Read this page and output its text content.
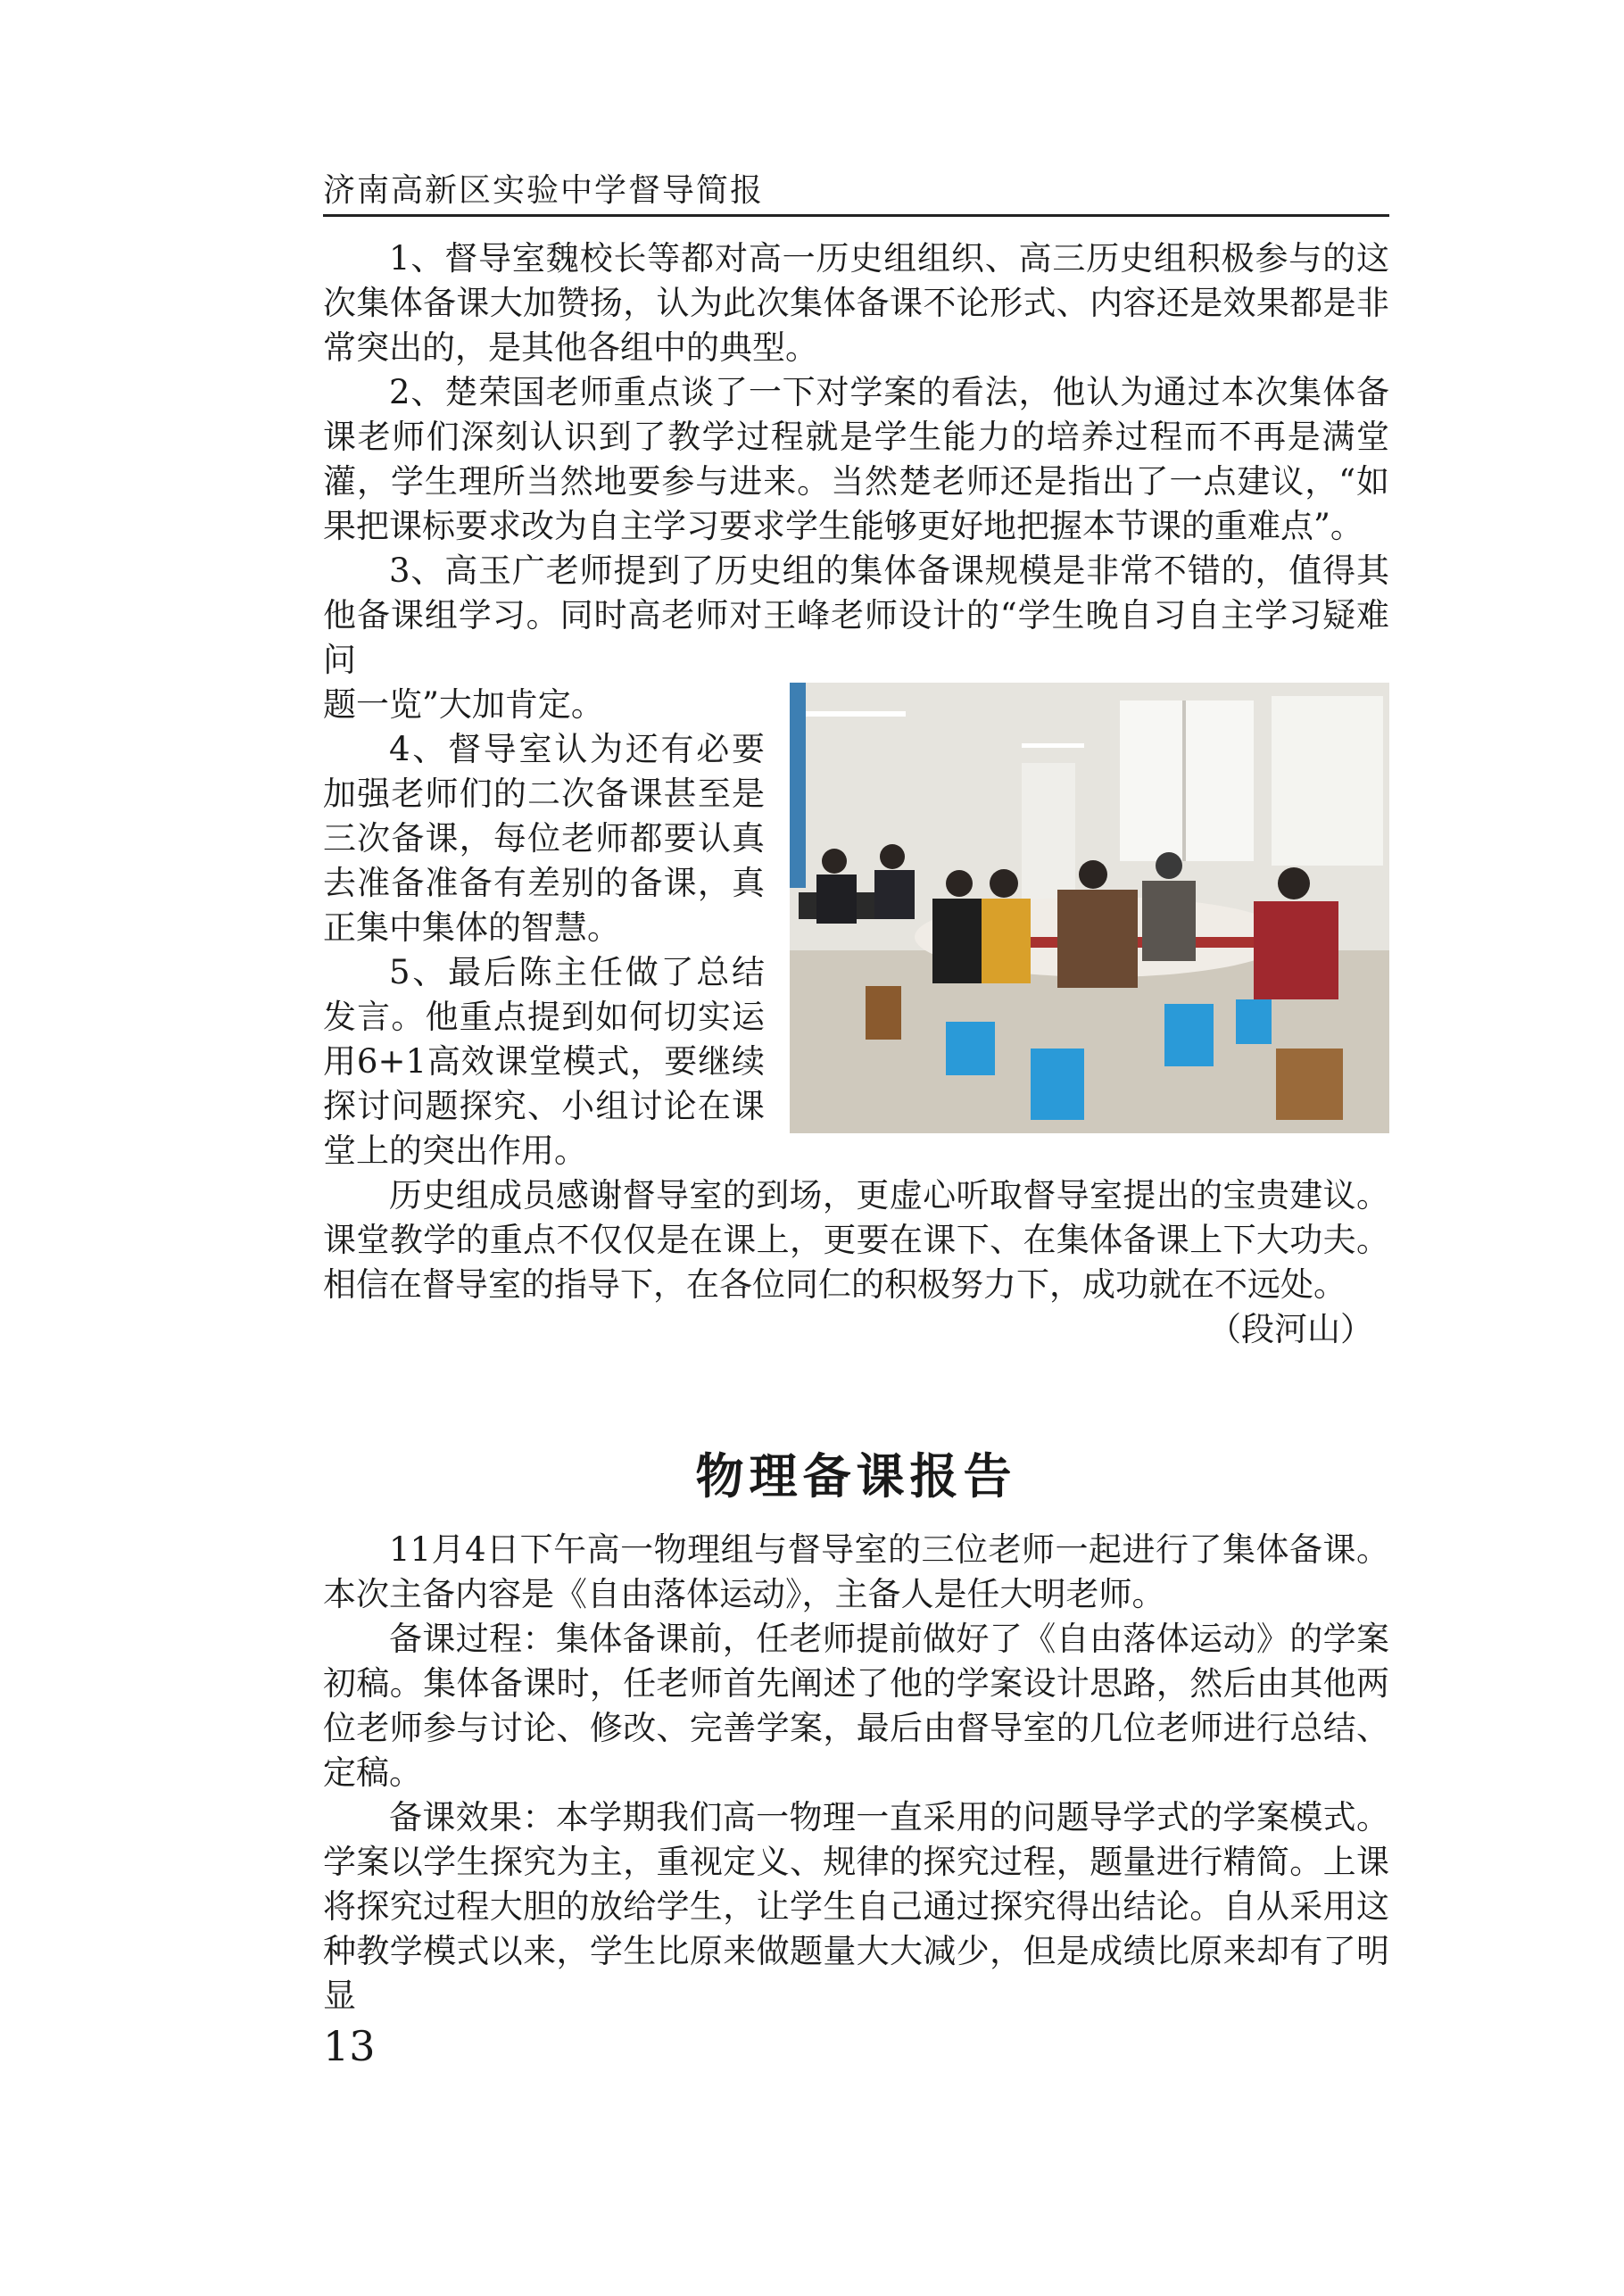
济南高新区实验中学督导简报

1、督导室魏校长等都对高一历史组组织、高三历史组积极参与的这次集体备课大加赞扬，认为此次集体备课不论形式、内容还是效果都是非常突出的，是其他各组中的典型。

2、楚荣国老师重点谈了一下对学案的看法，他认为通过本次集体备课老师们深刻认识到了教学过程就是学生能力的培养过程而不再是满堂灌，学生理所当然地要参与进来。当然楚老师还是指出了一点建议，“如果把课标要求改为自主学习要求学生能够更好地把握本节课的重难点”。

3、高玉广老师提到了历史组的集体备课规模是非常不错的，值得其他备课组学习。同时高老师对王峰老师设计的“学生晚自习自主学习疑难问

题一览”大加肯定。

4、督导室认为还有必要加强老师们的二次备课甚至是三次备课，每位老师都要认真去准备准备有差别的备课，真正集中集体的智慧。

5、最后陈主任做了总结发言。他重点提到如何切实运用6+1高效课堂模式，要继续探讨问题探究、小组讨论在课堂上的突出作用。

历史组成员感谢督导室的到场，更虚心听取督导室提出的宝贵建议。课堂教学的重点不仅仅是在课上，更要在课下、在集体备课上下大功夫。相信在督导室的指导下，在各位同仁的积极努力下，成功就在不远处。

（段河山）

物理备课报告

11月4日下午高一物理组与督导室的三位老师一起进行了集体备课。本次主备内容是《自由落体运动》，主备人是任大明老师。

备课过程：集体备课前，任老师提前做好了《自由落体运动》的学案初稿。集体备课时，任老师首先阐述了他的学案设计思路，然后由其他两位老师参与讨论、修改、完善学案，最后由督导室的几位老师进行总结、定稿。

备课效果：本学期我们高一物理一直采用的问题导学式的学案模式。学案以学生探究为主，重视定义、规律的探究过程，题量进行精简。上课将探究过程大胆的放给学生，让学生自己通过探究得出结论。自从采用这种教学模式以来，学生比原来做题量大大减少，但是成绩比原来却有了明显

13
